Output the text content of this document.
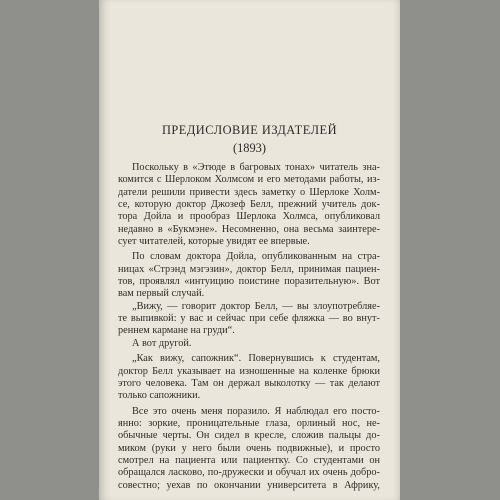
ПРЕДИСЛОВИЕ ИЗДАТЕЛЕЙ
(1893)

Поскольку в «Этюде в багровых тонах» читатель зна-
комится с Шерлоком Холмсом и его методами работы, из-
датели решили привести здесь заметку о Шерлоке Холм-
се, которую доктор Джозеф Белл, прежний учитель док-
тора Дойла и прообраз Шерлока Холмса, опубликовал
недавно в «Букмэне». Несомненно, она весьма заинтере-
сует читателей, которые увидят ее впервые.

По словам доктора Дойла, опубликованным на стра-
ницах «Стрэнд мэгэзин», доктор Белл, принимая пациен-
тов, проявлял «интуицию поистине поразительную». Вот
вам первый случай.

„Вижу, — говорит доктор Белл, — вы злоупотребляе-
те выпивкой: у вас и сейчас при себе фляжка — во внут-
реннем кармане на груди“.

А вот другой.

„Как вижу, сапожник“. Повернувшись к студентам,
доктор Белл указывает на изношенные на коленке брюки
этого человека. Там он держал выколотку — так делают
только сапожники.

Все это очень меня поразило. Я наблюдал его посто-
янно: зоркие, проницательные глаза, орлиный нос, не-
обычные черты. Он сидел в кресле, сложив пальцы до-
миком (руки у него были очень подвижные), и просто
смотрел на пациента или пациентку. Со студентами он
обращался ласково, по-дружески и обучал их очень добро-
совестно; уехав по окончании университета в Африку,
